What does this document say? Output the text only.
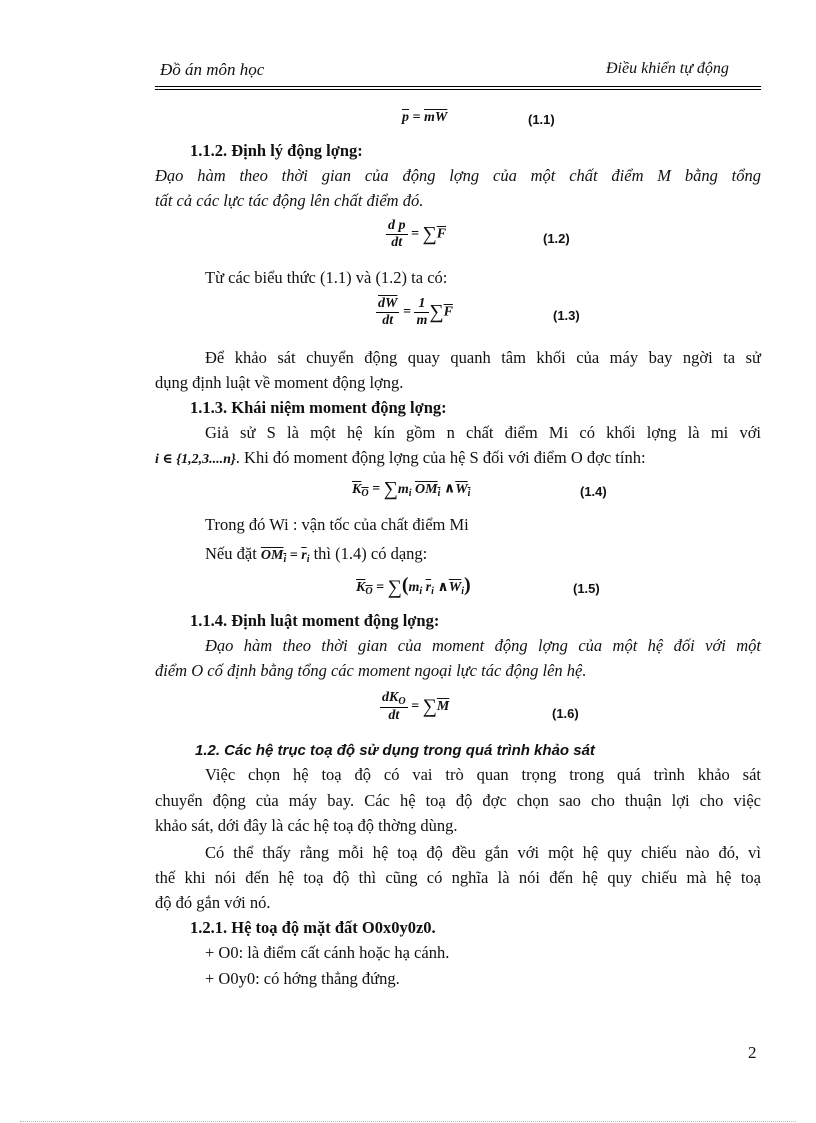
Đồ án môn học	Điều khiển tự động
$\overline{p} = \overline{mW}$	(1.1)
1.1.2. Định lý động lợng:
Đạo hàm theo thời gian của động lợng của một chất điểm M bằng tổng
tất cả các lực tác động lên chất điểm đó.
$\frac{\text{d p}}{dt} = \sum\overline{F}$	(1.2)
Từ các biểu thức (1.1) và (1.2) ta có:
$\frac{\overline{dW}}{dt} = \frac{1}{m} \sum\overline{F}$	(1.3)
Để khảo sát chuyển động quay quanh tâm khối của máy bay ngời ta sử
dụng định luật về moment động lợng.
1.1.3. Khái niệm moment động lợng:
Giả sử S là một hệ kín gồm n chất điểm Mi có khối lợng là mi với
i ∈ {1,2,3....n}. Khi đó moment động lợng của hệ S đối với điểm O đợc tính:
$K_O = \sum m_i$ $OM_i$ $\wedge W_i$	(1.4)
Trong đó Wi : vận tốc của chất điểm Mi
Nếu đặt $OM_i = \overline{r}_i$ thì (1.4) có dạng:
$K_O = \sum(m_i$ $\overline{r}_i$ $\wedge\overline{W}_i$)	(1.5)
1.1.4. Định luật moment động lợng:
Đạo hàm theo thời gian của moment động lợng của một hệ đối với một
điểm O cố định bằng tổng các moment ngoại lực tác động lên hệ.
$\frac{dK_O}{dt} = \sum\overline{M}$	(1.6)
1.2. Các hệ trục toạ độ sử dụng trong quá trình khảo sát
Việc chọn hệ toạ độ có vai trò quan trọng trong quá trình khảo sát
chuyển động của máy bay. Các hệ toạ độ đợc chọn sao cho thuận lợi cho việc
khảo sát, dới đây là các hệ toạ độ thờng dùng.
Có thể thấy rằng mỗi hệ toạ độ đều gắn với một hệ quy chiếu nào đó, vì
thế khi nói đến hệ toạ độ thì cũng có nghĩa là nói đến hệ quy chiếu mà hệ toạ
độ đó gắn với nó.
1.2.1. Hệ toạ độ mặt đất O0x0y0z0.
+ O0: là điểm cất cánh hoặc hạ cánh.
+ O0y0: có hớng thẳng đứng.
2
